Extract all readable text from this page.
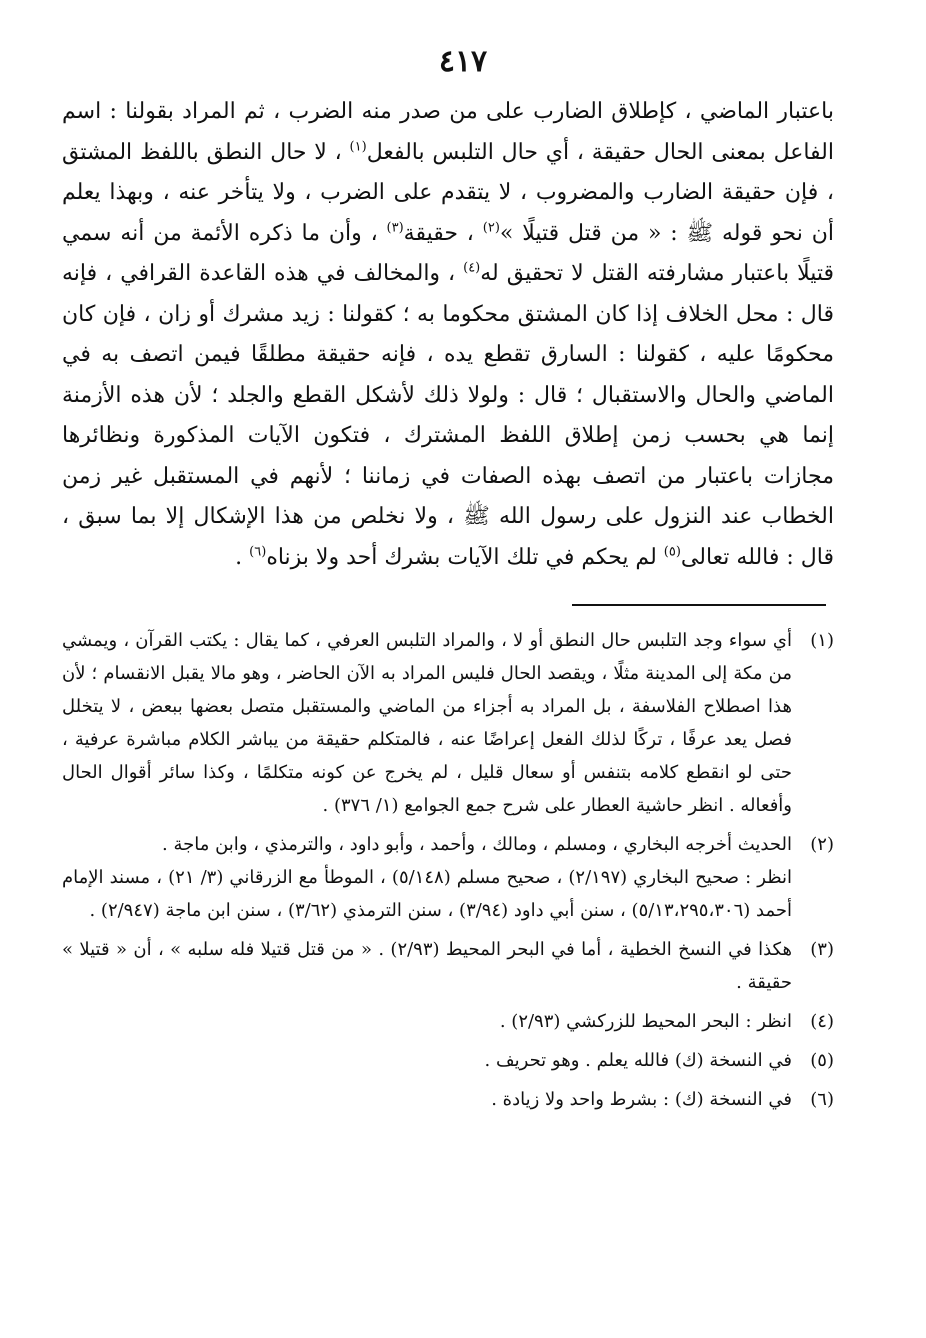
٤١٧

باعتبار الماضي ، كإطلاق الضارب على من صدر منه الضرب ، ثم المراد بقولنا : اسم الفاعل بمعنى الحال حقيقة ، أي حال التلبس بالفعل$^{(١)}$ ، لا حال النطق باللفظ المشتق ، فإن حقيقة الضارب والمضروب ، لا يتقدم على الضرب ، ولا يتأخر عنه ، وبهذا يعلم أن نحو قوله ﷺ : « من قتل قتيلًا »$^{(٢)}$ ، حقيقة$^{(٣)}$ ، وأن ما ذكره الأئمة من أنه سمي قتيلًا باعتبار مشارفته القتل لا تحقيق له$^{(٤)}$ ، والمخالف في هذه القاعدة القرافي ، فإنه قال : محل الخلاف إذا كان المشتق محكوما به ؛ كقولنا : زيد مشرك أو زان ، فإن كان محكومًا عليه ، كقولنا : السارق تقطع يده ، فإنه حقيقة مطلقًا فيمن اتصف به في الماضي والحال والاستقبال ؛ قال : ولولا ذلك لأشكل القطع والجلد ؛ لأن هذه الأزمنة إنما هي بحسب زمن إطلاق اللفظ المشترك ، فتكون الآيات المذكورة ونظائرها مجازات باعتبار من اتصف بهذه الصفات في زماننا ؛ لأنهم في المستقبل غير زمن الخطاب عند النزول على رسول الله ﷺ ، ولا نخلص من هذا الإشكال إلا بما سبق ، قال : فالله تعالى$^{(٥)}$ لم يحكم في تلك الآيات بشرك أحد ولا بزناه$^{(٦)}$ .

(١)

أي سواء وجد التلبس حال النطق أو لا ، والمراد التلبس العرفي ، كما يقال : يكتب القرآن ، ويمشي من مكة إلى المدينة مثلًا ، ويقصد الحال فليس المراد به الآن الحاضر ، وهو مالا يقبل الانقسام ؛ لأن هذا اصطلاح الفلاسفة ، بل المراد به أجزاء من الماضي والمستقبل متصل بعضها ببعض ، لا يتخلل فصل يعد عرفًا ، تركًا لذلك الفعل إعراضًا عنه ، فالمتكلم حقيقة من يباشر الكلام مباشرة عرفية ، حتى لو انقطع كلامه بتنفس أو سعال قليل ، لم يخرج عن كونه متكلمًا ، وكذا سائر أقوال الحال وأفعاله . انظر حاشية العطار على شرح جمع الجوامع (١/ ٣٧٦) .

(٢)

الحديث أخرجه البخاري ، ومسلم ، ومالك ، وأحمد ، وأبو داود ، والترمذي ، وابن ماجة .

انظر : صحيح البخاري (٢/١٩٧) ، صحيح مسلم (٥/١٤٨) ، الموطأ مع الزرقاني (٣/ ٢١) ، مسند الإمام أحمد (٥/١٣،٢٩٥،٣٠٦) ، سنن أبي داود (٣/٩٤) ، سنن الترمذي (٣/٦٢) ، سنن ابن ماجة (٢/٩٤٧) .

(٣)

هكذا في النسخ الخطية ، أما في البحر المحيط (٢/٩٣) . « من قتل قتيلا فله سلبه » ، أن « قتيلا » حقيقة .

(٤)

انظر : البحر المحيط للزركشي (٢/٩٣) .

(٥)

في النسخة (ك) فالله يعلم . وهو تحريف .

(٦)

في النسخة (ك) : بشرط واحد ولا زيادة .
